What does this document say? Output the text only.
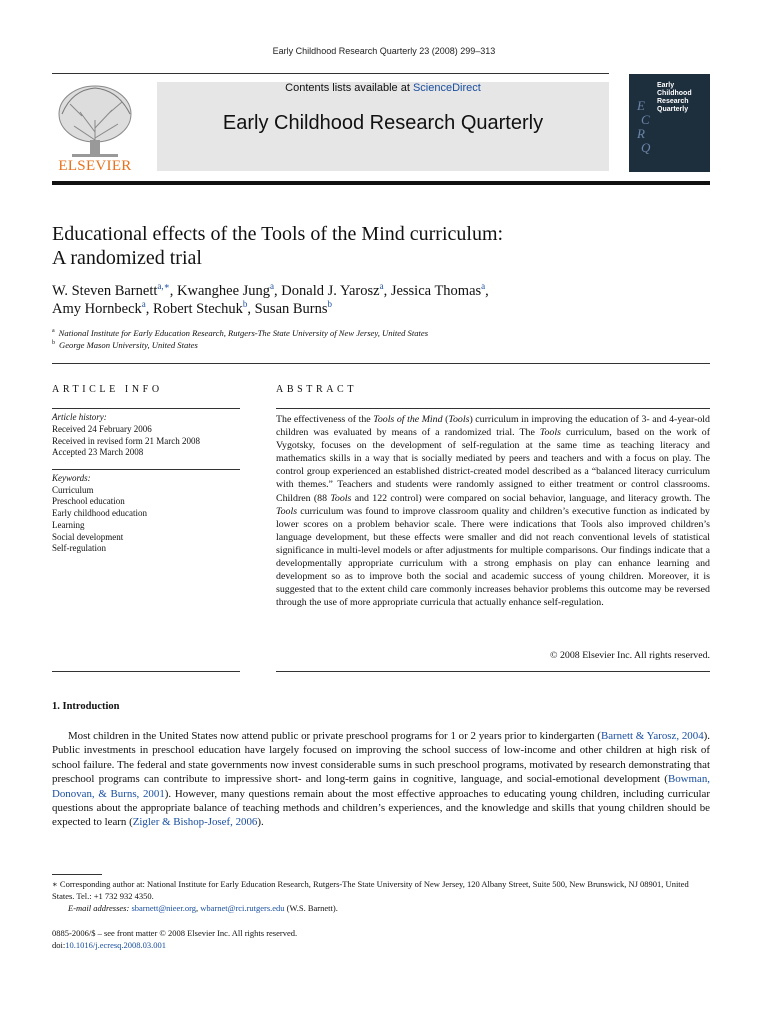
Early Childhood Research Quarterly 23 (2008) 299–313
ELSEVIER
Contents lists available at ScienceDirect
Early Childhood Research Quarterly
Early Childhood Research Quarterly
E
C
R
Q
Educational effects of the Tools of the Mind curriculum:
A randomized trial
W. Steven Barnett$^{a,∗}$, Kwanghee Jung$^a$, Donald J. Yarosz$^a$, Jessica Thomas$^a$,
Amy Hornbeck$^a$, Robert Stechuk$^b$, Susan Burns$^b$
$^a$ National Institute for Early Education Research, Rutgers-The State University of New Jersey, United States
$^b$ George Mason University, United States
ARTICLE INFO	ABSTRACT
Article history:
Received 24 February 2006
Received in revised form 21 March 2008
Accepted 23 March 2008
Keywords:
Curriculum
Preschool education
Early childhood education
Learning
Social development
Self-regulation
The effectiveness of the Tools of the Mind (Tools) curriculum in improving the education of 3- and 4-year-old children was evaluated by means of a randomized trial. The Tools curriculum, based on the work of Vygotsky, focuses on the development of self-regulation at the same time as teaching literacy and mathematics skills in a way that is socially mediated by peers and teachers and with a focus on play. The control group experienced an established district-created model described as a “balanced literacy curriculum with themes.” Teachers and students were randomly assigned to either treatment or control classrooms. Children (88 Tools and 122 control) were compared on social behavior, language, and literacy growth. The Tools curriculum was found to improve classroom quality and children’s executive function as indicated by lower scores on a problem behavior scale. There were indications that Tools also improved children’s language development, but these effects were smaller and did not reach conventional levels of statistical significance in multi-level models or after adjustments for multiple comparisons. Our findings indicate that a developmentally appropriate curriculum with a strong emphasis on play can enhance learning and development so as to improve both the social and academic success of young children. Moreover, it is suggested that to the extent child care commonly increases behavior problems this outcome may be reversed through the use of more appropriate curricula that actually enhance self-regulation.
© 2008 Elsevier Inc. All rights reserved.
1. Introduction
Most children in the United States now attend public or private preschool programs for 1 or 2 years prior to kindergarten (Barnett & Yarosz, 2004). Public investments in preschool education have largely focused on improving the school success of low-income and other children at high risk of school failure. The federal and state governments now invest considerable sums in such preschool programs, motivated by research demonstrating that preschool programs can contribute to impressive short- and long-term gains in cognitive, language, and social-emotional development (Bowman, Donovan, & Burns, 2001). However, many questions remain about the most effective approaches to educating young children, including curricular questions about the appropriate balance of teaching methods and children’s experiences, and the knowledge and skills that young children should be expected to learn (Zigler & Bishop-Josef, 2006).
∗ Corresponding author at: National Institute for Early Education Research, Rutgers-The State University of New Jersey, 120 Albany Street, Suite 500, New Brunswick, NJ 08901, United States. Tel.: +1 732 932 4350.
E-mail addresses: sbarnett@nieer.org, wbarnet@rci.rutgers.edu (W.S. Barnett).
0885-2006/$ – see front matter © 2008 Elsevier Inc. All rights reserved.
doi:10.1016/j.ecresq.2008.03.001
